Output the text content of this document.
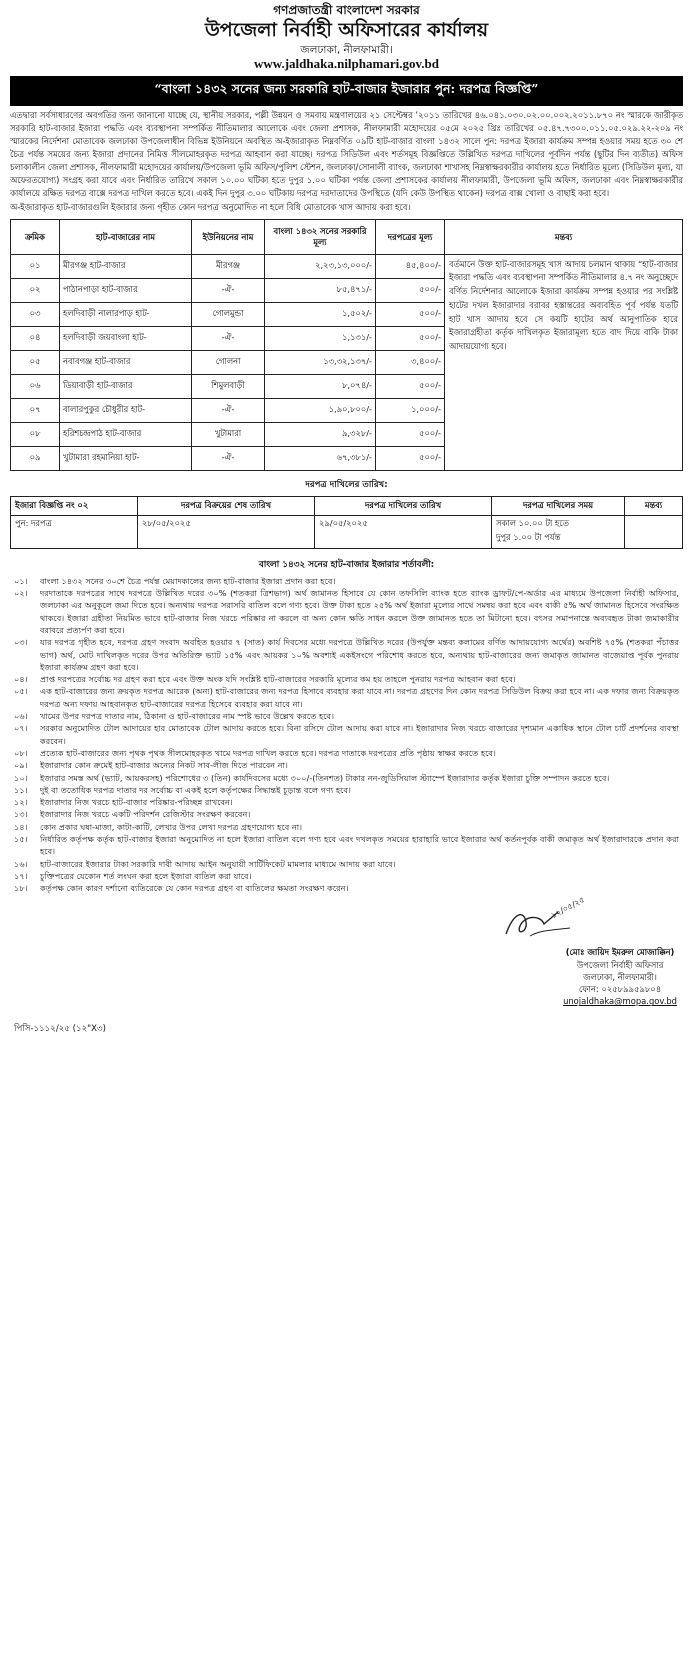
গণপ্রজাতন্ত্রী বাংলাদেশ সরকার
উপজেলা নির্বাহী অফিসারের কার্যালয়
জলঢাকা, নীলফামারী।
www.jaldhaka.nilphamari.gov.bd
“বাংলা ১৪৩২ সনের জন্য সরকারি হাট-বাজার ইজারার পুন: দরপত্র বিজ্ঞপ্তি”

এতদ্বারা সর্বসাধারণের অবগতির জন্য জানানো যাচ্ছে যে, স্থানীয় সরকার, পল্লী উন্নয়ন ও সমবায় মন্ত্রণালয়ের ২১ সেপ্টেম্বর ’২০১১ তারিখের ৪৬.০৪১.০৩০.০২.০০.০০২.২০১১.৮৭০ নং স্মারকে জারীকৃত সরকারি হাট-বাজার ইজারা পদ্ধতি এবং ব্যবস্থাপনা সম্পর্কিত নীতিমালার আলোকে এবং জেলা প্রশাসক, নীলফামারী মহোদয়ের ০৫মে ২০২৫ খ্রিঃ তারিখের ০৫.৪৭.৭৩০০.০১১.০৫.০২৯.২২-২০৯ নং স্মারকের নির্দেশনা মোতাবেক জলঢাকা উপজেলাধীন বিভিন্ন ইউনিয়নে অবস্থিত অ-ইজারাকৃত নিম্নবর্ণিত ০৯টি হাট-বাজার বাংলা ১৪৩২ সালে পুন: দরপত্র ইজারা কার্যক্রম সম্পন্ন হওয়ার সময় হতে ৩০ শে চৈত্র পর্যন্ত সময়ের জন্য ইজারা প্রদানের নিমিত্ত সীলমোহরকৃত দরপত্র আহবান করা যাচ্ছে। দরপত্র সিডিউল এবং শর্তসমূহ বিজ্ঞপ্তিতে উল্লিখিত দরপত্র দাখিলের পূর্বদিন পর্যন্ত (ছুটির দিন ব্যতীত) অফিস চলাকালীন জেলা প্রশাসক, নীলফামারী মহোদয়ের কার্যালয়/উপজেলা ভূমি অফিস/পুলিশ স্টেশন, জলঢাকা/সোনালী ব্যাংক, জলঢাকা শাখাসহ নিম্নস্বাক্ষরকারীর কার্যালয় হতে নির্ধারিত মূল্যে (সিডিউল মূল্য, যা অফেরতযোগ্য) সংগ্রহ করা যাবে এবং নির্ধারিত তারিখে সকাল ১০.০০ ঘটিকা হতে দুপুর ১.০০ ঘটিকা পর্যন্ত জেলা প্রশাসকের কার্যালয় নীলফামারী, উপজেলা ভূমি অফিস, জলঢাকা এবং নিম্নস্বাক্ষরকারীর কার্যালয়ে রক্ষিত দরপত্র বাক্সে দরপত্র দাখিল করতে হবে। একই দিন দুপুর ৩.০০ ঘটিকায় দরপত্র দরদাতাদের উপস্থিতে (যদি কেউ উপস্থিত থাকেন) দরপত্র বাক্স খোলা ও বাছাই করা হবে।

অ-ইজারাকৃত হাট-বাজারগুলি ইজারার জন্য গৃহীত কোন দরপত্র অনুমোদিত না হলে বিধি মোতাবেক খাস আদায় করা হবে।

ক্রমিক	হাট-বাজারের নাম	ইউনিয়নের নাম	বাংলা ১৪৩২ সনের সরকারি মূল্য	দরপত্রের মূল্য	মন্তব্য
০১	মীরগঞ্জ হাট-বাজার	মীরগঞ্জ	২,২৩,১৩,০০০/-	৪৫,৪০০/-	বর্তমানে উক্ত হাট-বাজারসমূহ খাস আদায় চলমান থাকায় “হাট-বাজার ইজারা পদ্ধতি এবং ব্যবস্থাপনা সম্পর্কিত নীতিমালার ৪.৭ নং অনুচ্ছেদে বর্ণিত নির্দেশনার আলোকে ইজারা কার্যক্রম সম্পন্ন হওয়ার পর সংশ্লিষ্ট হাটের দখল ইজারাদার বরাবর হস্তান্তরের অব্যবহিত পূর্ব পর্যন্ত যতটি হাট খাস আদায় হবে সে কয়টি হাটের অর্থ আনুপাতিক হারে ইজারাগ্রহীতা কর্তৃক দাখিলকৃত ইজারামূল্য হতে বাদ দিয়ে বাকি টাকা আদায়যোগ্য হবে।
০২	পাঠানপাড়া হাট-বাজার	-ঐ-	৮৫,৪৭১/-	৫০০/-	
০৩	হলদিবাড়ী নালারপাড় হাট-	গোলমুন্ডা	১,৫০২/-	৫০০/-	
০৪	হলদিবাড়ী জয়বাংলা হাট-	-ঐ-	১,১৩১/-	৫০০/-	
০৫	নবাবগঞ্জ হাট-বাজার	গোলনা	১৩,৩২,১৩৭/-	৩,৪০০/-	
০৬	ডিয়াবাড়ী হাট-বাজার	শিমুলবাড়ী	৮,০৭৪/-	৫০০/-	
০৭	বালারপুকুর চৌধুরীর হাট-	-ঐ-	১,৯০,৮০০/-	১,০০০/-	
০৮	হরিশচন্দ্রপাঠ হাট-বাজার	খুটামারা	৯,৩২৮/-	৫০০/-	
০৯	খুটামারা রহমানিয়া হাট-	-ঐ-	৬৭,৩৮১/-	৫০০/-	
দরপত্র দাখিলের তারিখ:
ইজারা বিজ্ঞপ্তি নং ০২	দরপত্র বিক্রয়ের শেষ তারিখ	দরপত্র দাখিলের তারিখ	দরপত্র দাখিলের সময়	মন্তব্য
পুন: দরপত্র	২৮/০৫/২০২৫	২৯/০৫/২০২৫	সকাল ১০.০০ টা হতে
দুপুর ১.০০ টা পর্যন্ত	

বাংলা ১৪৩২ সনের হাট-বাজার ইজারার শর্তাবলী:
০১।	বাংলা ১৪৩২ সনের ৩০শে চৈত্র পর্যন্ত মেয়াদকালের জন্য হাট-বাজার ইজারা প্রদান করা হবে।
০২।	দরদাতাকে দরপত্রের সাথে দরপত্রে উল্লিখিত দরের ৩০% (শতকরা ত্রিশভাগ) অর্থ জামানত হিসাবে যে কোন তফসিলি ব্যাংক হতে ব্যাংক ড্রাফট/পে-অর্ডার এর মাধ্যমে উপজেলা নির্বাহী অফিসার, জলঢাকা এর অনুকূলে জমা দিতে হবে। অন্যথায় দরপত্র সরাসরি বাতিল বলে গণ্য হবে। উক্ত টাকা হতে ২৫% অর্থ ইজারা মূল্যের সাথে সমন্বয় করা হবে এবং বাকী ৫% অর্থ জামানত হিসেবে সংরক্ষিত থাকবে। ইজারা গ্রহীতা নিয়মিত ভাবে হাট-বাজার নিজ খরচে পরিষ্কার না করলে বা অন্য কোন ক্ষতি সাধন করলে উক্ত জামানত হতে তা মিটানো হবে। বৎসর সমাপনান্তে অব্যবহৃত টাকা জমাকারীর বরাবরে প্রত্যর্পণ করা হবে।
০৩।	যার দরপত্র গৃহীত হবে, দরপত্র গ্রহণ সংবাদ অবহিত হওয়ার ৭ (সাত) কার্য দিবসের মধ্যে দরপত্রে উল্লিখিত দরের (উপর্যুক্ত মন্তব্য কলামের বর্ণিত আদায়যোগ্য অর্থের) অবশিষ্ট ৭৫% (শতকরা পঁচাত্তর ভাগ) অর্থ, মোট দাখিলকৃত দরের উপর অতিরিক্ত ভ্যাট ১৫% এবং আয়কর ১০% অবশ্যই একইসংগে পরিশোধ করতে হবে, অন্যথায় হাট-বাজারের জন্য জমাকৃত জামানত বাজেয়াপ্ত পূর্বক পুনরায় ইজারা কার্যক্রম গ্রহণ করা হবে।
০৪।	প্রাপ্ত দরপত্রের সর্বোচ্চ দর গ্রহণ করা হবে এবং উক্ত অংক যদি সংশ্লিষ্ট হাট-বাজারের সরকারি মূল্যের কম হয় তাহলে পুনরায় দরপত্র আহবান করা হবে।
০৫।	এক হাট-বাজারের জন্য ক্রয়কৃত দরপত্র আরেক (অন্য) হাট-বাজারের জন্য দরপত্র হিসাবে ব্যবহার করা যাবে না। দরপত্র গ্রহণের দিন কোন দরপত্র সিডিউল বিক্রয় করা হবে না। এক দফার জন্য বিক্রয়কৃত দরপত্র অন্য দফায় আহবানকৃত হাট-বাজারের দরপত্র হিসেবে ব্যবহার করা যাবে না।
০৬।	খামের উপর দরপত্র দাতার নাম, ঠিকানা ও হাট-বাজারের নাম স্পষ্ট ভাবে উল্লেখ করতে হবে।
০৭।	সরকার অনুমোদিত টোল আদায়ের হার মোতাবেক টোল আদায় করতে হবে। বিনা রসিদে টোল আদায় করা যাবে না। ইজারাদার নিজ খরচে বাজারের দৃশ্যমান একাধিক স্থানে টোল চার্ট প্রদর্শনের ব্যবস্থা করবেন।
০৮।	প্রত্যেক হাট-বাজারের জন্য পৃথক পৃথক সীলমোহরকৃত খামে দরপত্র দাখিল করতে হবে। দরপত্র দাতাকে দরপত্রের প্রতি পৃষ্ঠায় স্বাক্ষর করতে হবে।
০৯।	ইজারাদার কোন ক্রমেই হাট-বাজার অন্যের নিকট সাব-লীজ দিতে পারবেন না।
১০।	ইজারার সমস্ত অর্থ (ভ্যাট, আয়করসহ) পরিশোধের ৩ (তিন) কার্যদিবসের মধ্যে ৩০০/-(তিনশত) টাকার নন-জুডিসিয়াল স্ট্যাম্পে ইজারাদার কর্তৃক ইজারা চুক্তি সম্পাদন করতে হবে।
১১।	দুই বা ততোধিক দরপত্র দাতার দর সর্বোচ্চ বা একই হলে কর্তৃপক্ষের সিদ্ধান্তই চূড়ান্ত বলে গণ্য হবে।
১২।	ইজারাদার নিজ খরচে হাট-বাজার পরিষ্কার-পরিচ্ছন্ন রাখবেন।
১৩।	ইজারাদার নিজ খরচে একটি পরিদর্শন রেজিস্টার সংরক্ষণ করবেন।
১৪।	কোন প্রকার ঘষা-মাজা, কাটা-কাটি, লেখার উপর লেখা দরপত্র গ্রহণযোগ্য হবে না।
১৫।	নির্ধারিত কর্তৃপক্ষ কর্তৃক হাট-বাজার ইজারা অনুমোদিত না হলে ইজারা বাতিল বলে গণ্য হবে এবং দখলকৃত সময়ের হারাহারি ভাবে ইজারার অর্থ কর্তনপূর্বক বাকী জমাকৃত অর্থ ইজারাদারকে প্রদান করা হবে।
১৬।	হাট-বাজারের ইজারার টাকা সরকারি দাবী আদায় আইন অনুযায়ী সার্টিফিকেট মামলার মাধ্যমে আদায় করা যাবে।
১৭।	চুক্তিপত্রের যেকোন শর্ত লংঘন করা হলে ইজারা বাতিল করা যাবে।
১৮।	কর্তৃপক্ষ কোন কারণ দর্শানো ব্যতিরেকে যে কোন দরপত্র গ্রহণ বা বাতিলের ক্ষমতা সংরক্ষণ করেন।
১২/০৫/২৫
(মোঃ জায়িদ ইমরুল মোজাক্কিন)
উপজেলা নির্বাহী অফিসার
জলঢাকা, নীলফামারী।
ফোন: ০২৫৮৯৯৫৯৮০৪
unojaldhaka@mopa.gov.bd
পিসি-১১১২/২৫ (১২"X৩)
